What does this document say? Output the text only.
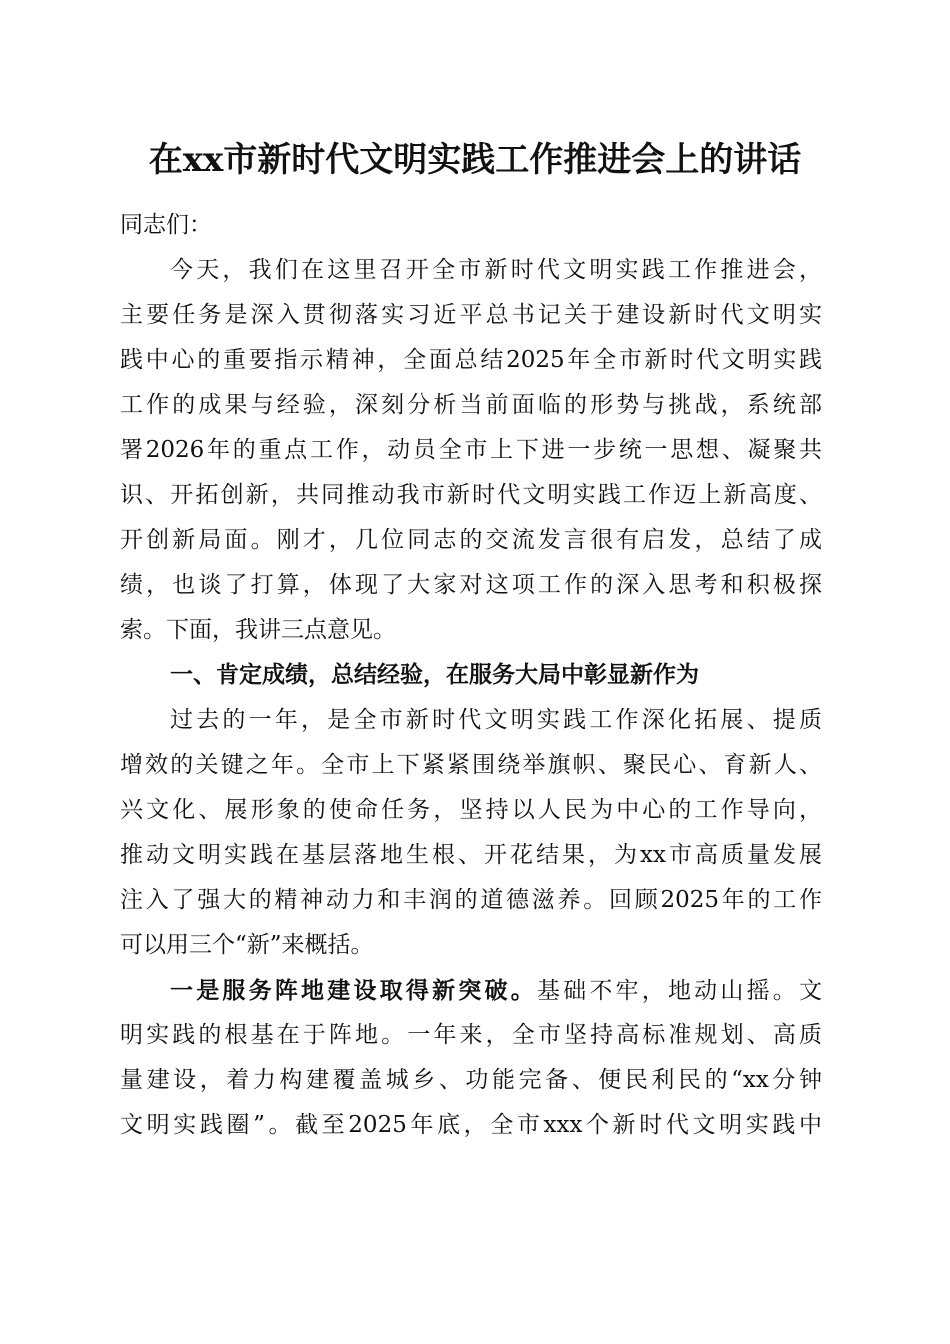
在xx市新时代文明实践工作推进会上的讲话
同志们：
今天，我们在这里召开全市新时代文明实践工作推进会，
主要任务是深入贯彻落实习近平总书记关于建设新时代文明实
践中心的重要指示精神，全面总结2025年全市新时代文明实践
工作的成果与经验，深刻分析当前面临的形势与挑战，系统部
署2026年的重点工作，动员全市上下进一步统一思想、凝聚共
识、开拓创新，共同推动我市新时代文明实践工作迈上新高度、
开创新局面。刚才，几位同志的交流发言很有启发，总结了成
绩，也谈了打算，体现了大家对这项工作的深入思考和积极探
索。下面，我讲三点意见。
一、肯定成绩，总结经验，在服务大局中彰显新作为
过去的一年，是全市新时代文明实践工作深化拓展、提质
增效的关键之年。全市上下紧紧围绕举旗帜、聚民心、育新人、
兴文化、展形象的使命任务，坚持以人民为中心的工作导向，
推动文明实践在基层落地生根、开花结果，为xx市高质量发展
注入了强大的精神动力和丰润的道德滋养。回顾2025年的工作
可以用三个“新”来概括。
一是服务阵地建设取得新突破。基础不牢，地动山摇。文
明实践的根基在于阵地。一年来，全市坚持高标准规划、高质
量建设，着力构建覆盖城乡、功能完备、便民利民的“xx分钟
文明实践圈”。截至2025年底，全市xxx个新时代文明实践中
